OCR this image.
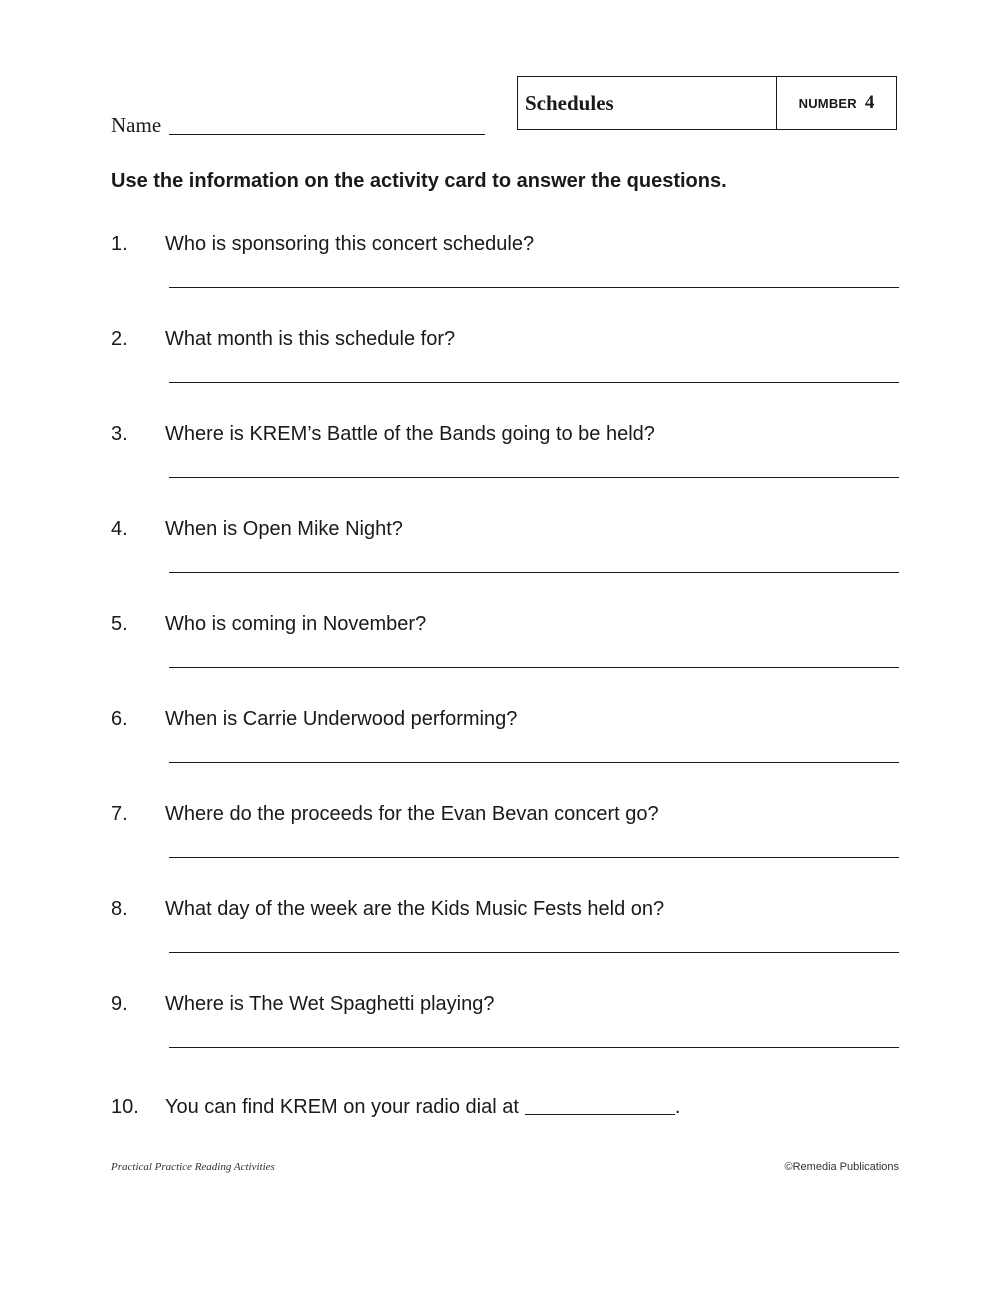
Name
Schedules	NUMBER 4
Use the information on the activity card to answer the questions.
1. Who is sponsoring this concert schedule?
2. What month is this schedule for?
3. Where is KREM’s Battle of the Bands going to be held?
4. When is Open Mike Night?
5. Who is coming in November?
6. When is Carrie Underwood performing?
7. Where do the proceeds for the Evan Bevan concert go?
8. What day of the week are the Kids Music Fests held on?
9. Where is The Wet Spaghetti playing?
10. You can find KREM on your radio dial at	.
Practical Practice Reading Activities	©Remedia Publications
